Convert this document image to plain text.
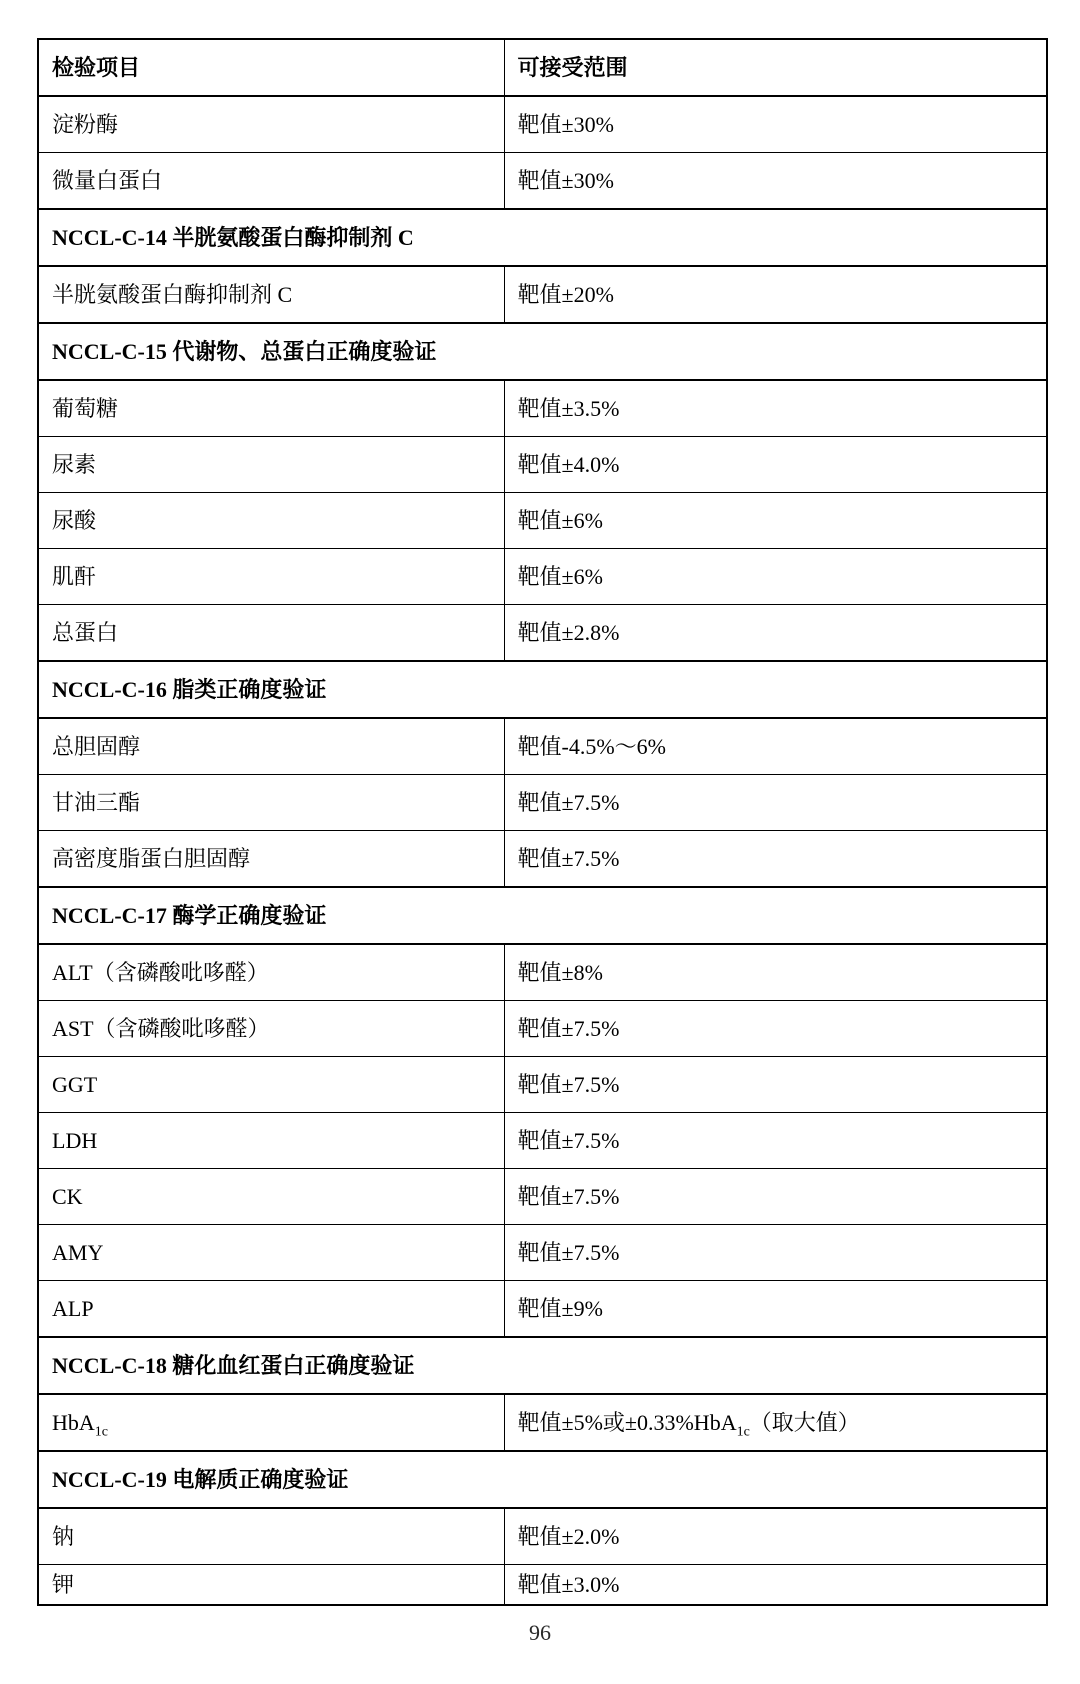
检验项目	可接受范围
淀粉酶	靶值±30%
微量白蛋白	靶值±30%
NCCL-C-14 半胱氨酸蛋白酶抑制剂 C	
半胱氨酸蛋白酶抑制剂 C	靶值±20%
NCCL-C-15 代谢物、总蛋白正确度验证	
葡萄糖	靶值±3.5%
尿素	靶值±4.0%
尿酸	靶值±6%
肌酐	靶值±6%
总蛋白	靶值±2.8%
NCCL-C-16 脂类正确度验证	
总胆固醇	靶值-4.5%～6%
甘油三酯	靶值±7.5%
高密度脂蛋白胆固醇	靶值±7.5%
NCCL-C-17 酶学正确度验证	
ALT（含磷酸吡哆醛）	靶值±8%
AST（含磷酸吡哆醛）	靶值±7.5%
GGT	靶值±7.5%
LDH	靶值±7.5%
CK	靶值±7.5%
AMY	靶值±7.5%
ALP	靶值±9%
NCCL-C-18 糖化血红蛋白正确度验证	
HbA$_{1c}$	靶值±5%或±0.33%HbA$_{1c}$（取大值）
NCCL-C-19 电解质正确度验证	
钠	靶值±2.0%
钾	靶值±3.0%
96
